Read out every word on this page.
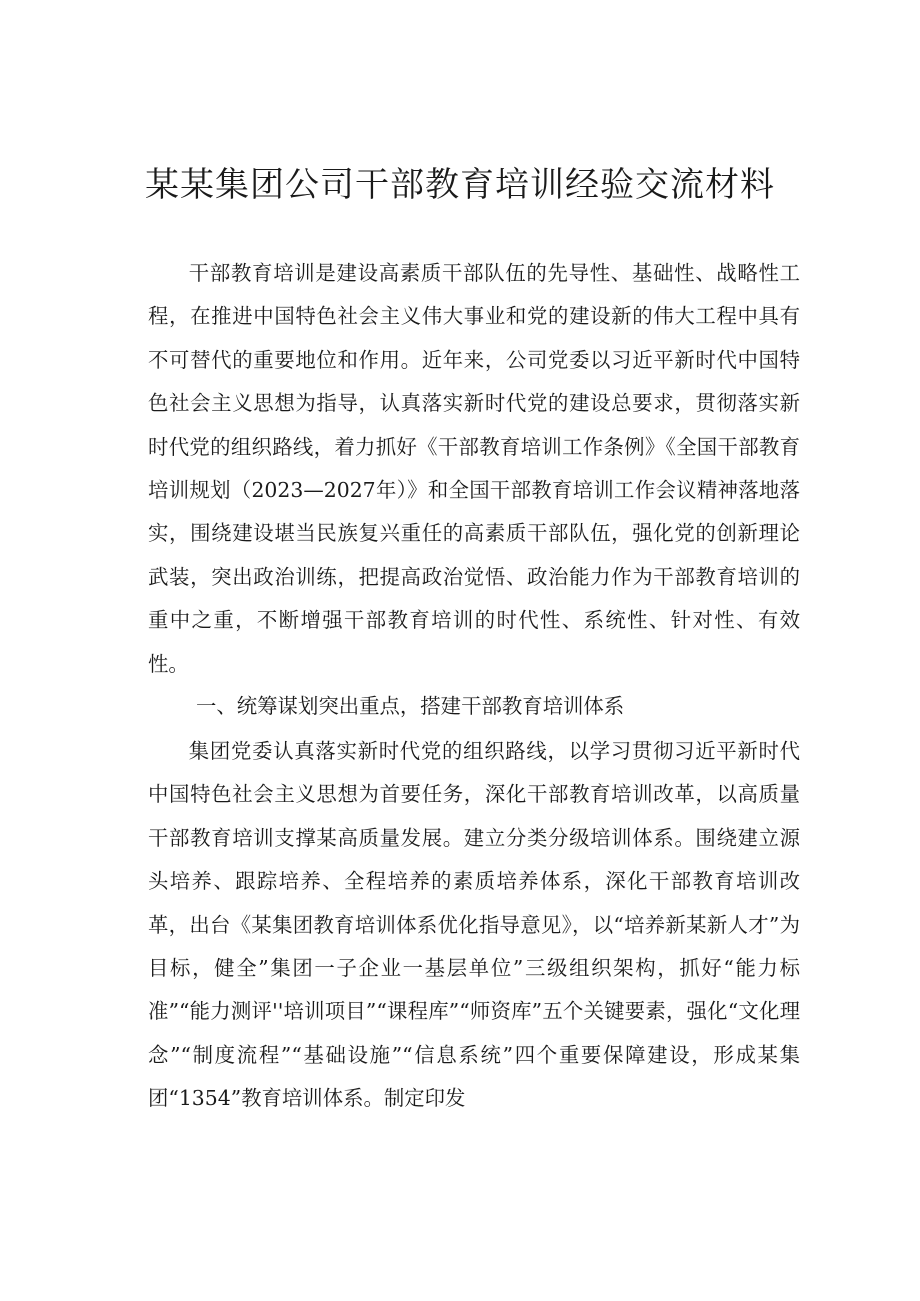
某某集团公司干部教育培训经验交流材料

干部教育培训是建设高素质干部队伍的先导性、基础性、战略性工程，在推进中国特色社会主义伟大事业和党的建设新的伟大工程中具有不可替代的重要地位和作用。近年来，公司党委以习近平新时代中国特色社会主义思想为指导，认真落实新时代党的建设总要求，贯彻落实新时代党的组织路线，着力抓好《干部教育培训工作条例》《全国干部教育培训规划（2023—2027年）》和全国干部教育培训工作会议精神落地落实，围绕建设堪当民族复兴重任的高素质干部队伍，强化党的创新理论武装，突出政治训练，把提高政治觉悟、政治能力作为干部教育培训的重中之重，不断增强干部教育培训的时代性、系统性、针对性、有效性。

一、统筹谋划突出重点，搭建干部教育培训体系

集团党委认真落实新时代党的组织路线，以学习贯彻习近平新时代中国特色社会主义思想为首要任务，深化干部教育培训改革，以高质量干部教育培训支撑某高质量发展。建立分类分级培训体系。围绕建立源头培养、跟踪培养、全程培养的素质培养体系，深化干部教育培训改革，出台《某集团教育培训体系优化指导意见》，以“培养新某新人才”为目标，健全”集团一子企业一基层单位”三级组织架构，抓好“能力标准”“能力测评''培训项目”“课程库”“师资库”五个关键要素，强化“文化理念”“制度流程”“基础设施”“信息系统”四个重要保障建设，形成某集团“1354”教育培训体系。制定印发
